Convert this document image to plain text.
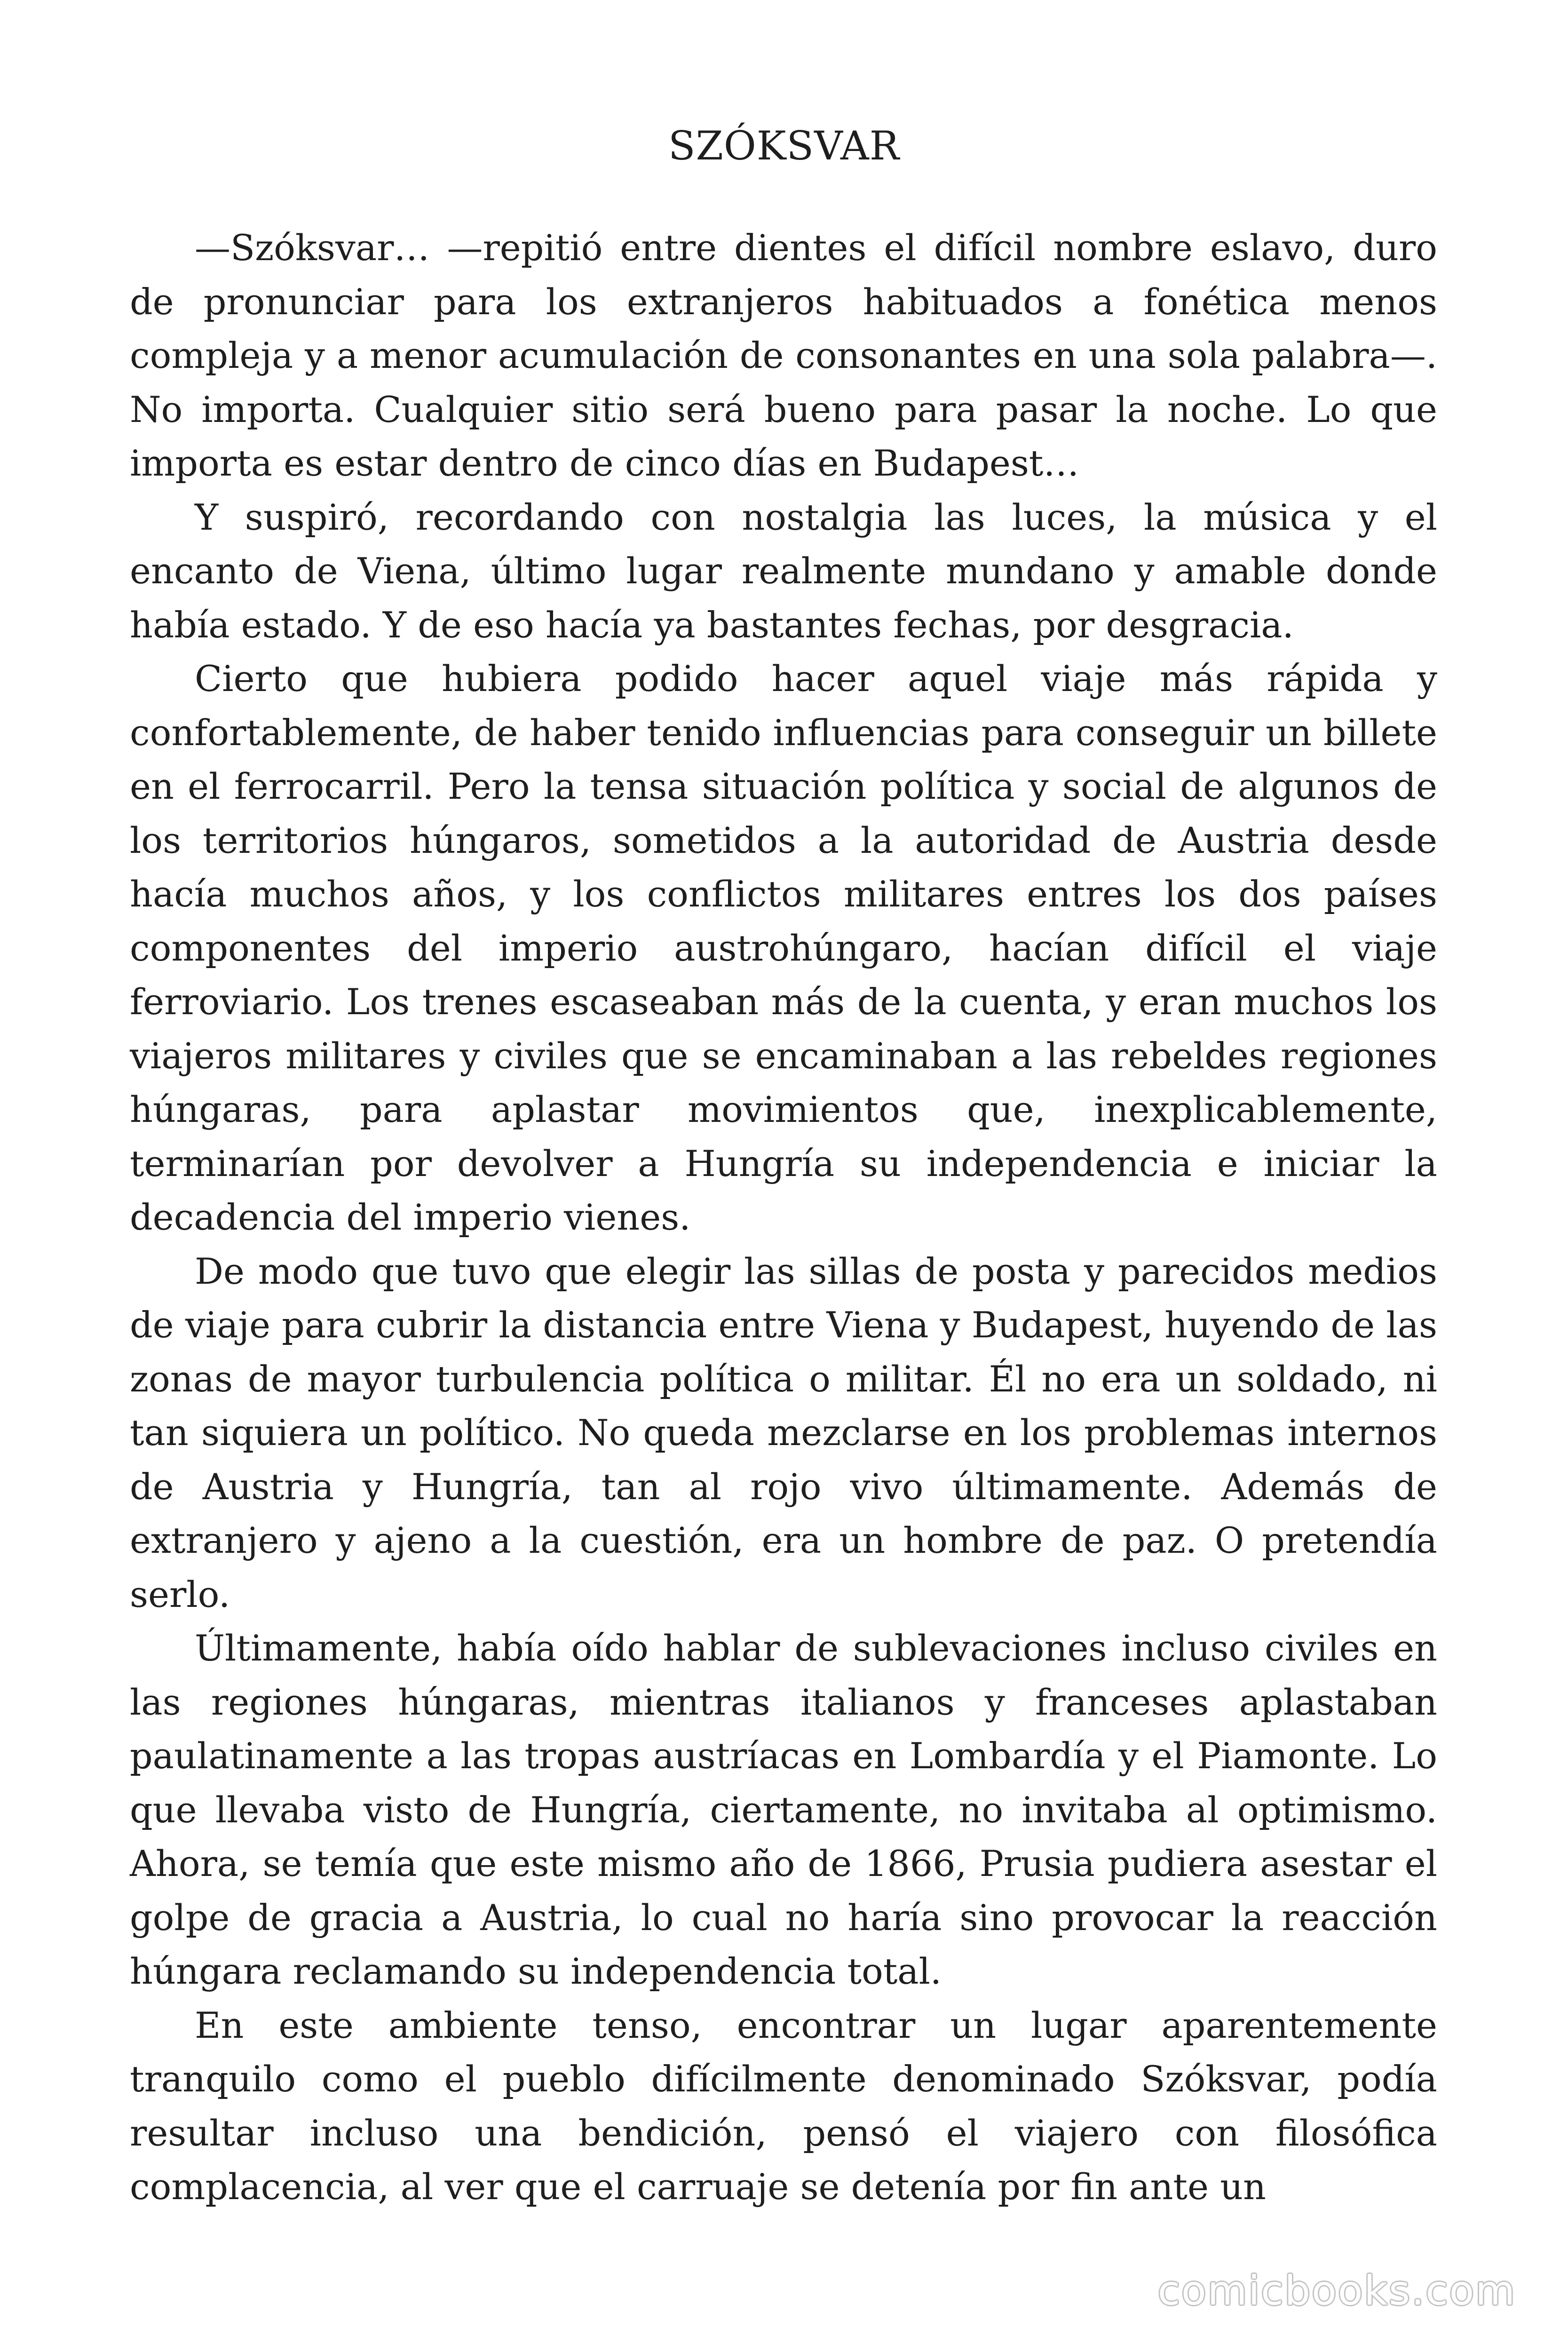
SZÓKSVAR

—Szóksvar… —repitió entre dientes el difícil nombre eslavo, duro de pronunciar para los extranjeros habituados a fonética menos compleja y a menor acumulación de consonantes en una sola palabra—. No importa. Cualquier sitio será bueno para pasar la noche. Lo que importa es estar dentro de cinco días en Budapest…

Y suspiró, recordando con nostalgia las luces, la música y el encanto de Viena, último lugar realmente mundano y amable donde había estado. Y de eso hacía ya bastantes fechas, por desgracia.

Cierto que hubiera podido hacer aquel viaje más rápida y confortablemente, de haber tenido influencias para conseguir un billete en el ferrocarril. Pero la tensa situación política y social de algunos de los territorios húngaros, sometidos a la autoridad de Austria desde hacía muchos años, y los conflictos militares entres los dos países componentes del imperio austrohúngaro, hacían difícil el viaje ferroviario. Los trenes escaseaban más de la cuenta, y eran muchos los viajeros militares y civiles que se encaminaban a las rebeldes regiones húngaras, para aplastar movimientos que, inexplicablemente, terminarían por devolver a Hungría su independencia e iniciar la decadencia del imperio vienes.

De modo que tuvo que elegir las sillas de posta y parecidos medios de viaje para cubrir la distancia entre Viena y Budapest, huyendo de las zonas de mayor turbulencia política o militar. Él no era un soldado, ni tan siquiera un político. No queda mezclarse en los problemas internos de Austria y Hungría, tan al rojo vivo últimamente. Además de extranjero y ajeno a la cuestión, era un hombre de paz. O pretendía serlo.

Últimamente, había oído hablar de sublevaciones incluso civiles en las regiones húngaras, mientras italianos y franceses aplastaban paulatinamente a las tropas austríacas en Lombardía y el Piamonte. Lo que llevaba visto de Hungría, ciertamente, no invitaba al optimismo. Ahora, se temía que este mismo año de 1866, Prusia pudiera asestar el golpe de gracia a Austria, lo cual no haría sino provocar la reacción húngara reclamando su independencia total.

En este ambiente tenso, encontrar un lugar aparentemente tranquilo como el pueblo difícilmente denominado Szóksvar, podía resultar incluso una bendición, pensó el viajero con filosófica complacencia, al ver que el carruaje se detenía por fin ante un

comicbooks.com
